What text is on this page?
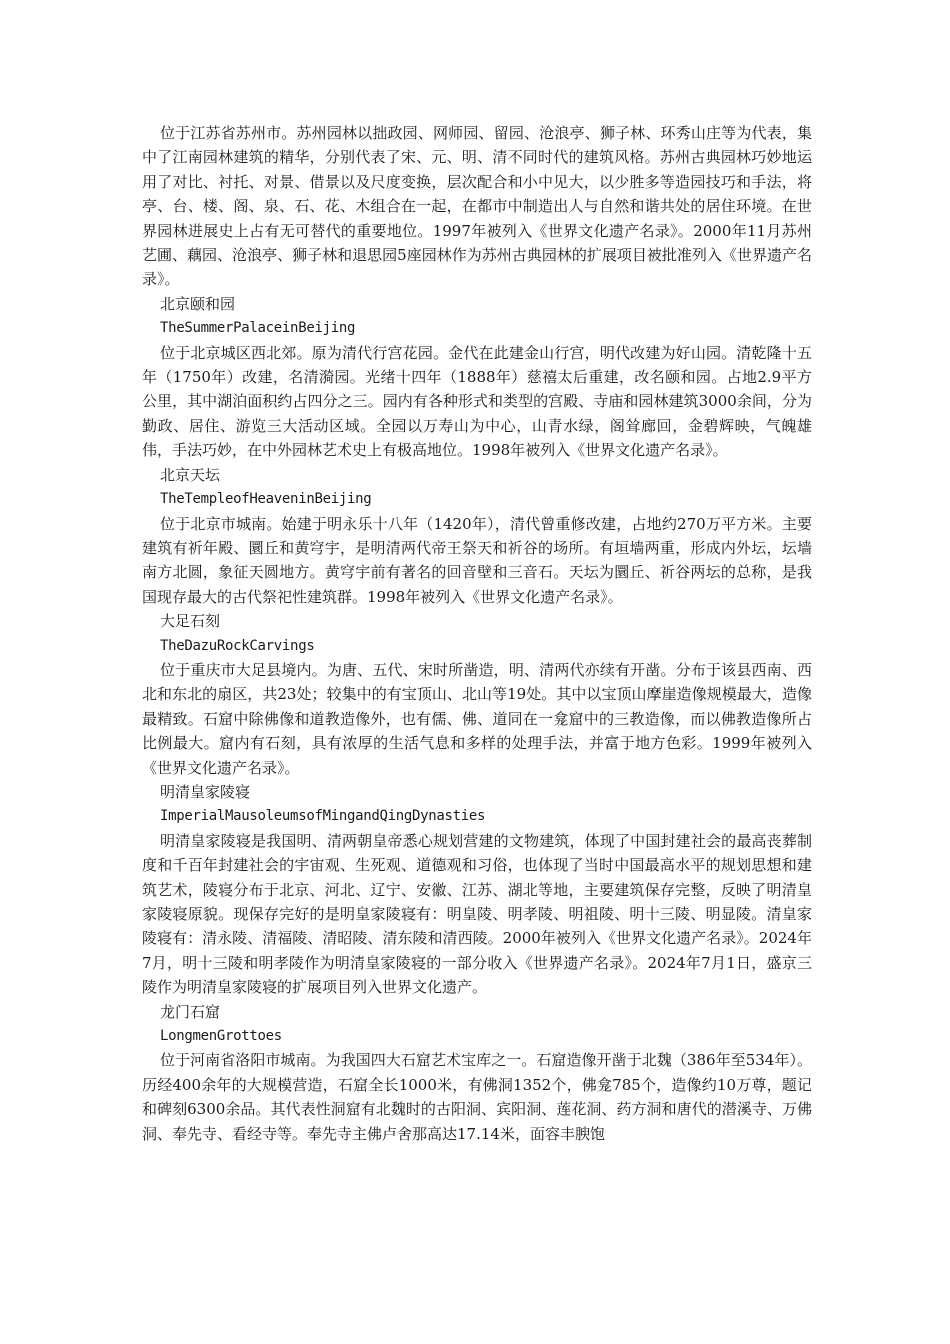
位于江苏省苏州市。苏州园林以拙政园、网师园、留园、沧浪亭、狮子林、环秀山庄等为代表，集中了江南园林建筑的精华，分别代表了宋、元、明、清不同时代的建筑风格。苏州古典园林巧妙地运用了对比、衬托、对景、借景以及尺度变换，层次配合和小中见大，以少胜多等造园技巧和手法，将亭、台、楼、阁、泉、石、花、木组合在一起，在都市中制造出人与自然和谐共处的居住环境。在世界园林进展史上占有无可替代的重要地位。1997年被列入《世界文化遗产名录》。2000年11月苏州艺圃、藕园、沧浪亭、狮子林和退思园5座园林作为苏州古典园林的扩展项目被批准列入《世界遗产名录》。

北京颐和园

TheSummerPalaceinBeijing

位于北京城区西北郊。原为清代行宫花园。金代在此建金山行宫，明代改建为好山园。清乾隆十五年（1750年）改建，名清漪园。光绪十四年（1888年）慈禧太后重建，改名颐和园。占地2.9平方公里，其中湖泊面积约占四分之三。园内有各种形式和类型的宫殿、寺庙和园林建筑3000余间，分为勤政、居住、游览三大活动区域。全园以万寿山为中心，山青水绿，阁耸廊回，金碧辉映，气魄雄伟，手法巧妙，在中外园林艺术史上有极高地位。1998年被列入《世界文化遗产名录》。

北京天坛

TheTempleofHeaveninBeijing

位于北京市城南。始建于明永乐十八年（1420年），清代曾重修改建，占地约270万平方米。主要建筑有祈年殿、圜丘和黄穹宇，是明清两代帝王祭天和祈谷的场所。有垣墙两重，形成内外坛，坛墙南方北圆，象征天圆地方。黄穹宇前有著名的回音壁和三音石。天坛为圜丘、祈谷两坛的总称，是我国现存最大的古代祭祀性建筑群。1998年被列入《世界文化遗产名录》。

大足石刻

TheDazuRockCarvings

位于重庆市大足县境内。为唐、五代、宋时所凿造，明、清两代亦续有开凿。分布于该县西南、西北和东北的扇区，共23处；较集中的有宝顶山、北山等19处。其中以宝顶山摩崖造像规模最大，造像最精致。石窟中除佛像和道教造像外，也有儒、佛、道同在一龛窟中的三教造像，而以佛教造像所占比例最大。窟内有石刻，具有浓厚的生活气息和多样的处理手法，并富于地方色彩。1999年被列入《世界文化遗产名录》。

明清皇家陵寝

ImperialMausoleumsofMingandQingDynasties

明清皇家陵寝是我国明、清两朝皇帝悉心规划营建的文物建筑，体现了中国封建社会的最高丧葬制度和千百年封建社会的宇宙观、生死观、道德观和习俗，也体现了当时中国最高水平的规划思想和建筑艺术，陵寝分布于北京、河北、辽宁、安徽、江苏、湖北等地，主要建筑保存完整，反映了明清皇家陵寝原貌。现保存完好的是明皇家陵寝有：明皇陵、明孝陵、明祖陵、明十三陵、明显陵。清皇家陵寝有：清永陵、清福陵、清昭陵、清东陵和清西陵。2000年被列入《世界文化遗产名录》。2024年7月，明十三陵和明孝陵作为明清皇家陵寝的一部分收入《世界遗产名录》。2024年7月1日，盛京三陵作为明清皇家陵寝的扩展项目列入世界文化遗产。

龙门石窟

LongmenGrottoes

位于河南省洛阳市城南。为我国四大石窟艺术宝库之一。石窟造像开凿于北魏（386年至534年）。历经400余年的大规模营造，石窟全长1000米，有佛洞1352个，佛龛785个，造像约10万尊，题记和碑刻6300余品。其代表性洞窟有北魏时的古阳洞、宾阳洞、莲花洞、药方洞和唐代的潜溪寺、万佛洞、奉先寺、看经寺等。奉先寺主佛卢舍那高达17.14米，面容丰腴饱
